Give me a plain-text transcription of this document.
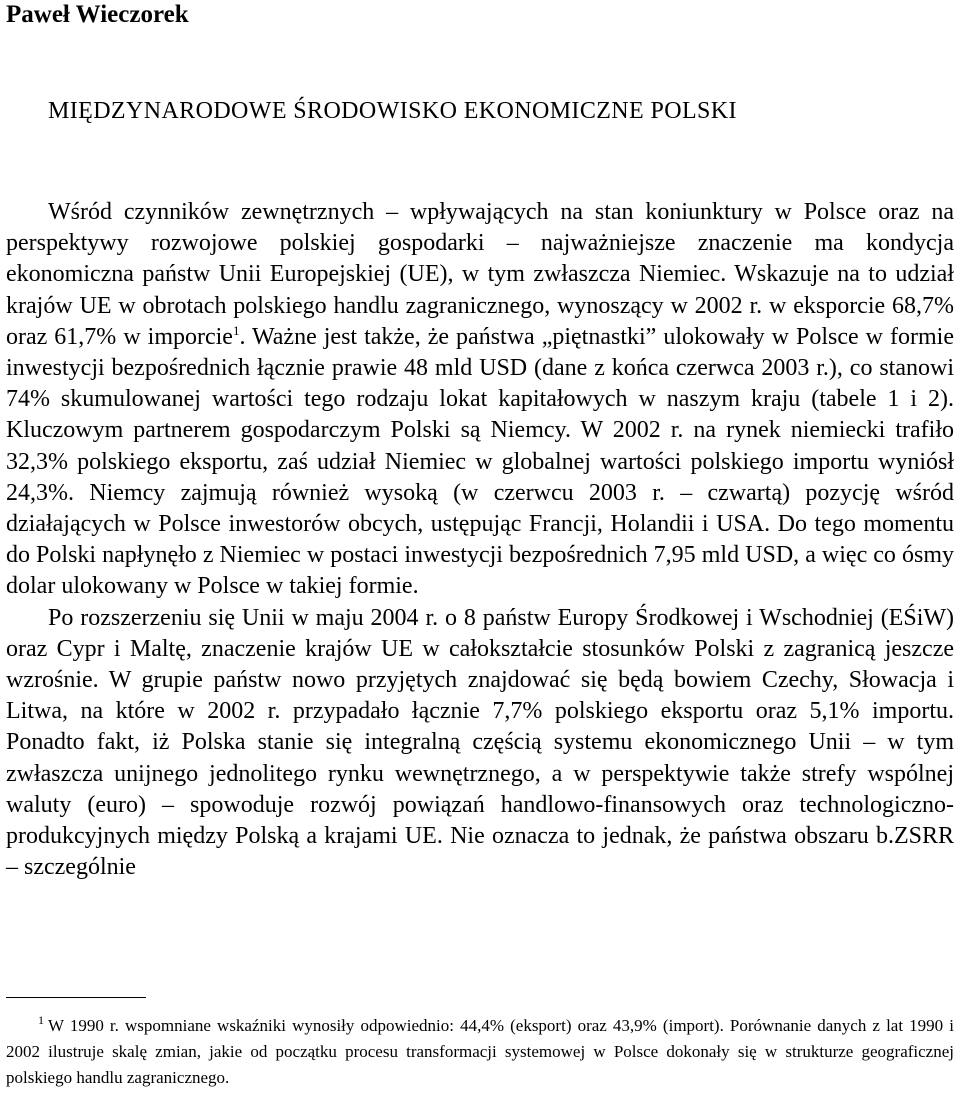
Paweł Wieczorek
MIĘDZYNARODOWE ŚRODOWISKO EKONOMICZNE POLSKI

Wśród czynników zewnętrznych – wpływających na stan koniunktury w Polsce oraz na perspektywy rozwojowe polskiej gospodarki – najważniejsze znaczenie ma kondycja ekonomiczna państw Unii Europejskiej (UE), w tym zwłaszcza Niemiec. Wskazuje na to udział krajów UE w obrotach polskiego handlu zagranicznego, wynoszący w 2002 r. w eksporcie 68,7% oraz 61,7% w imporcie$^1$. Ważne jest także, że państwa „piętnastki” ulokowały w Polsce w formie inwestycji bezpośrednich łącznie prawie 48 mld USD (dane z końca czerwca 2003 r.), co stanowi 74% skumulowanej wartości tego rodzaju lokat kapitałowych w naszym kraju (tabele 1 i 2). Kluczowym partnerem gospodarczym Polski są Niemcy. W 2002 r. na rynek niemiecki trafiło 32,3% polskiego eksportu, zaś udział Niemiec w globalnej wartości polskiego importu wyniósł 24,3%. Niemcy zajmują również wysoką (w czerwcu 2003 r. – czwartą) pozycję wśród działających w Polsce inwestorów obcych, ustępując Francji, Holandii i USA. Do tego momentu do Polski napłynęło z Niemiec w postaci inwestycji bezpośrednich 7,95 mld USD, a więc co ósmy dolar ulokowany w Polsce w takiej formie.

Po rozszerzeniu się Unii w maju 2004 r. o 8 państw Europy Środkowej i Wschodniej (EŚiW) oraz Cypr i Maltę, znaczenie krajów UE w całokształcie stosunków Polski z zagranicą jeszcze wzrośnie. W grupie państw nowo przyjętych znajdować się będą bowiem Czechy, Słowacja i Litwa, na które w 2002 r. przypadało łącznie 7,7% polskiego eksportu oraz 5,1% importu. Ponadto fakt, iż Polska stanie się integralną częścią systemu ekonomicznego Unii – w tym zwłaszcza unijnego jednolitego rynku wewnętrznego, a w perspektywie także strefy wspólnej waluty (euro) – spowoduje rozwój powiązań handlowo-finansowych oraz technologiczno-produkcyjnych między Polską a krajami UE. Nie oznacza to jednak, że państwa obszaru b.ZSRR – szczególnie

$^1$ W 1990 r. wspomniane wskaźniki wynosiły odpowiednio: 44,4% (eksport) oraz 43,9% (import). Porównanie danych z lat 1990 i 2002 ilustruje skalę zmian, jakie od początku procesu transformacji systemowej w Polsce dokonały się w strukturze geograficznej polskiego handlu zagranicznego.
